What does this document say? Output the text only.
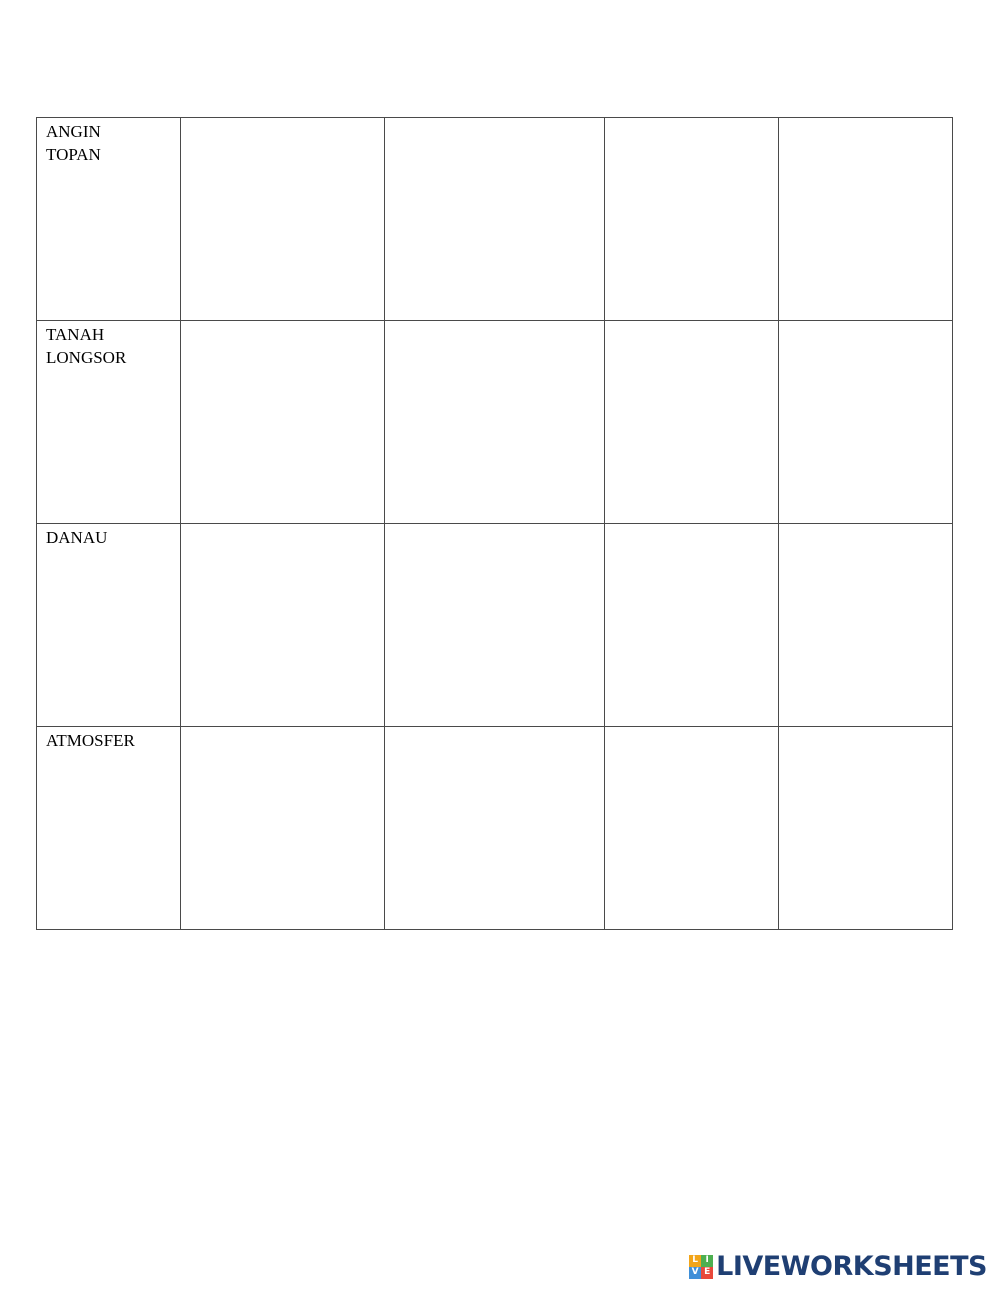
ANGIN
TOPAN				

TANAH
LONGSOR				

DANAU				

ATMOSFER				

L I
V E LIVEWORKSHEETS
